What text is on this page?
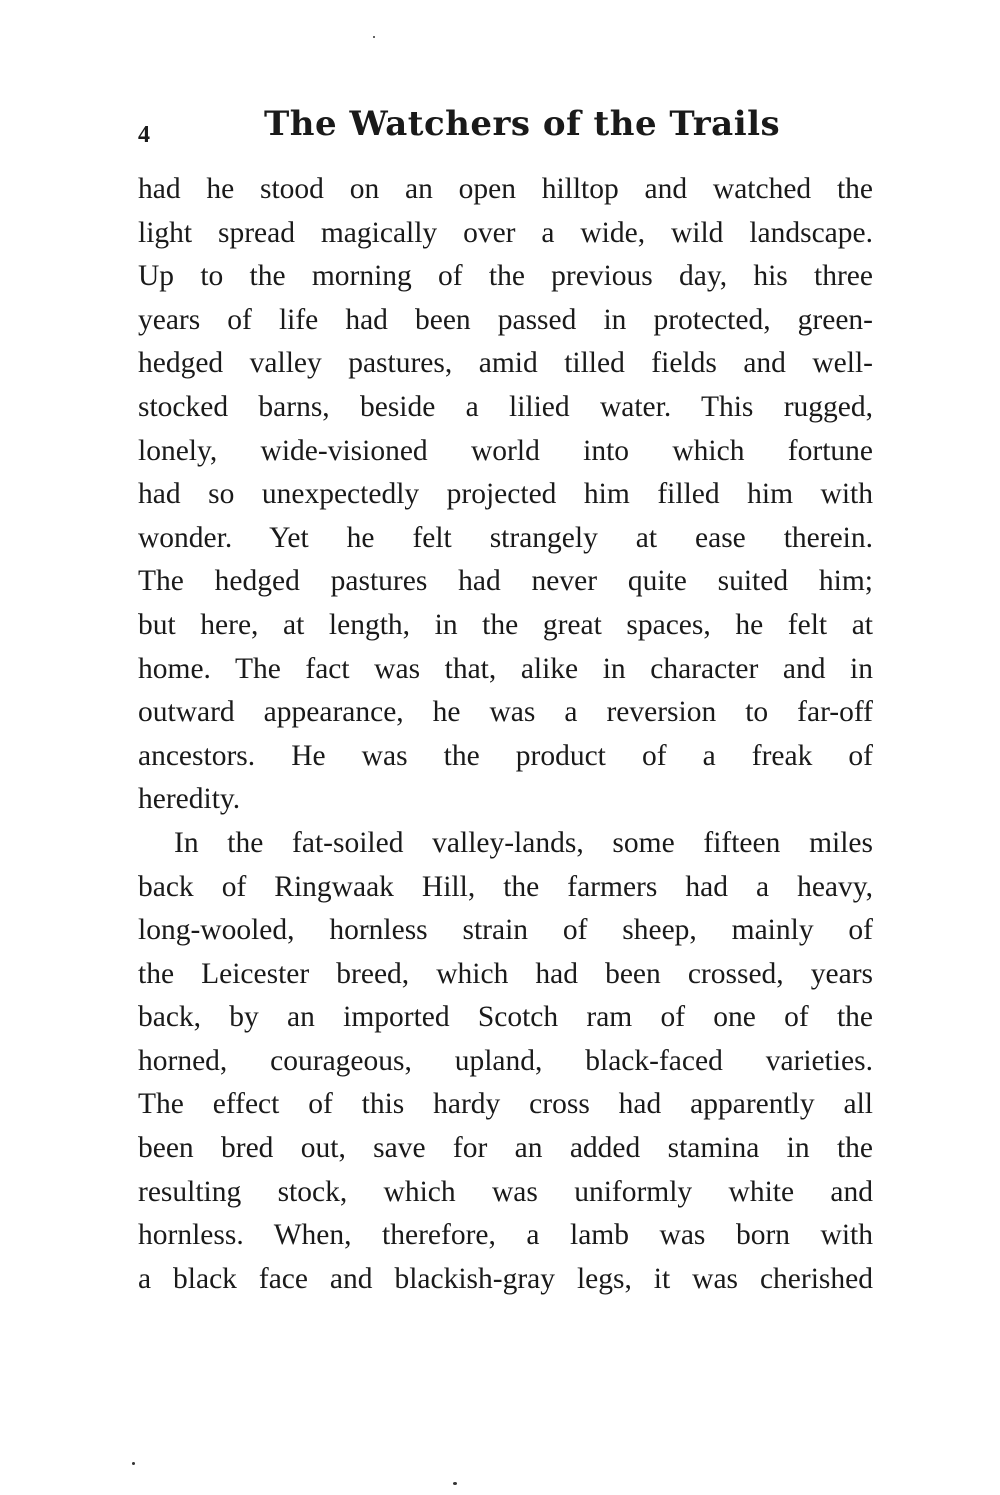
4	The Watchers of the Trails
had he stood on an open hilltop and watched the
light spread magically over a wide, wild landscape.
Up to the morning of the previous day, his three
years of life had been passed in protected, green-
hedged valley pastures, amid tilled fields and well-
stocked barns, beside a lilied water. This rugged,
lonely, wide-visioned world into which fortune
had so unexpectedly projected him filled him with
wonder. Yet he felt strangely at ease therein.
The hedged pastures had never quite suited him;
but here, at length, in the great spaces, he felt at
home. The fact was that, alike in character and in
outward appearance, he was a reversion to far-off
ancestors. He was the product of a freak of
heredity.
In the fat-soiled valley-lands, some fifteen miles
back of Ringwaak Hill, the farmers had a heavy,
long-wooled, hornless strain of sheep, mainly of
the Leicester breed, which had been crossed, years
back, by an imported Scotch ram of one of the
horned, courageous, upland, black-faced varieties.
The effect of this hardy cross had apparently all
been bred out, save for an added stamina in the
resulting stock, which was uniformly white and
hornless. When, therefore, a lamb was born with
a black face and blackish-gray legs, it was cherished
